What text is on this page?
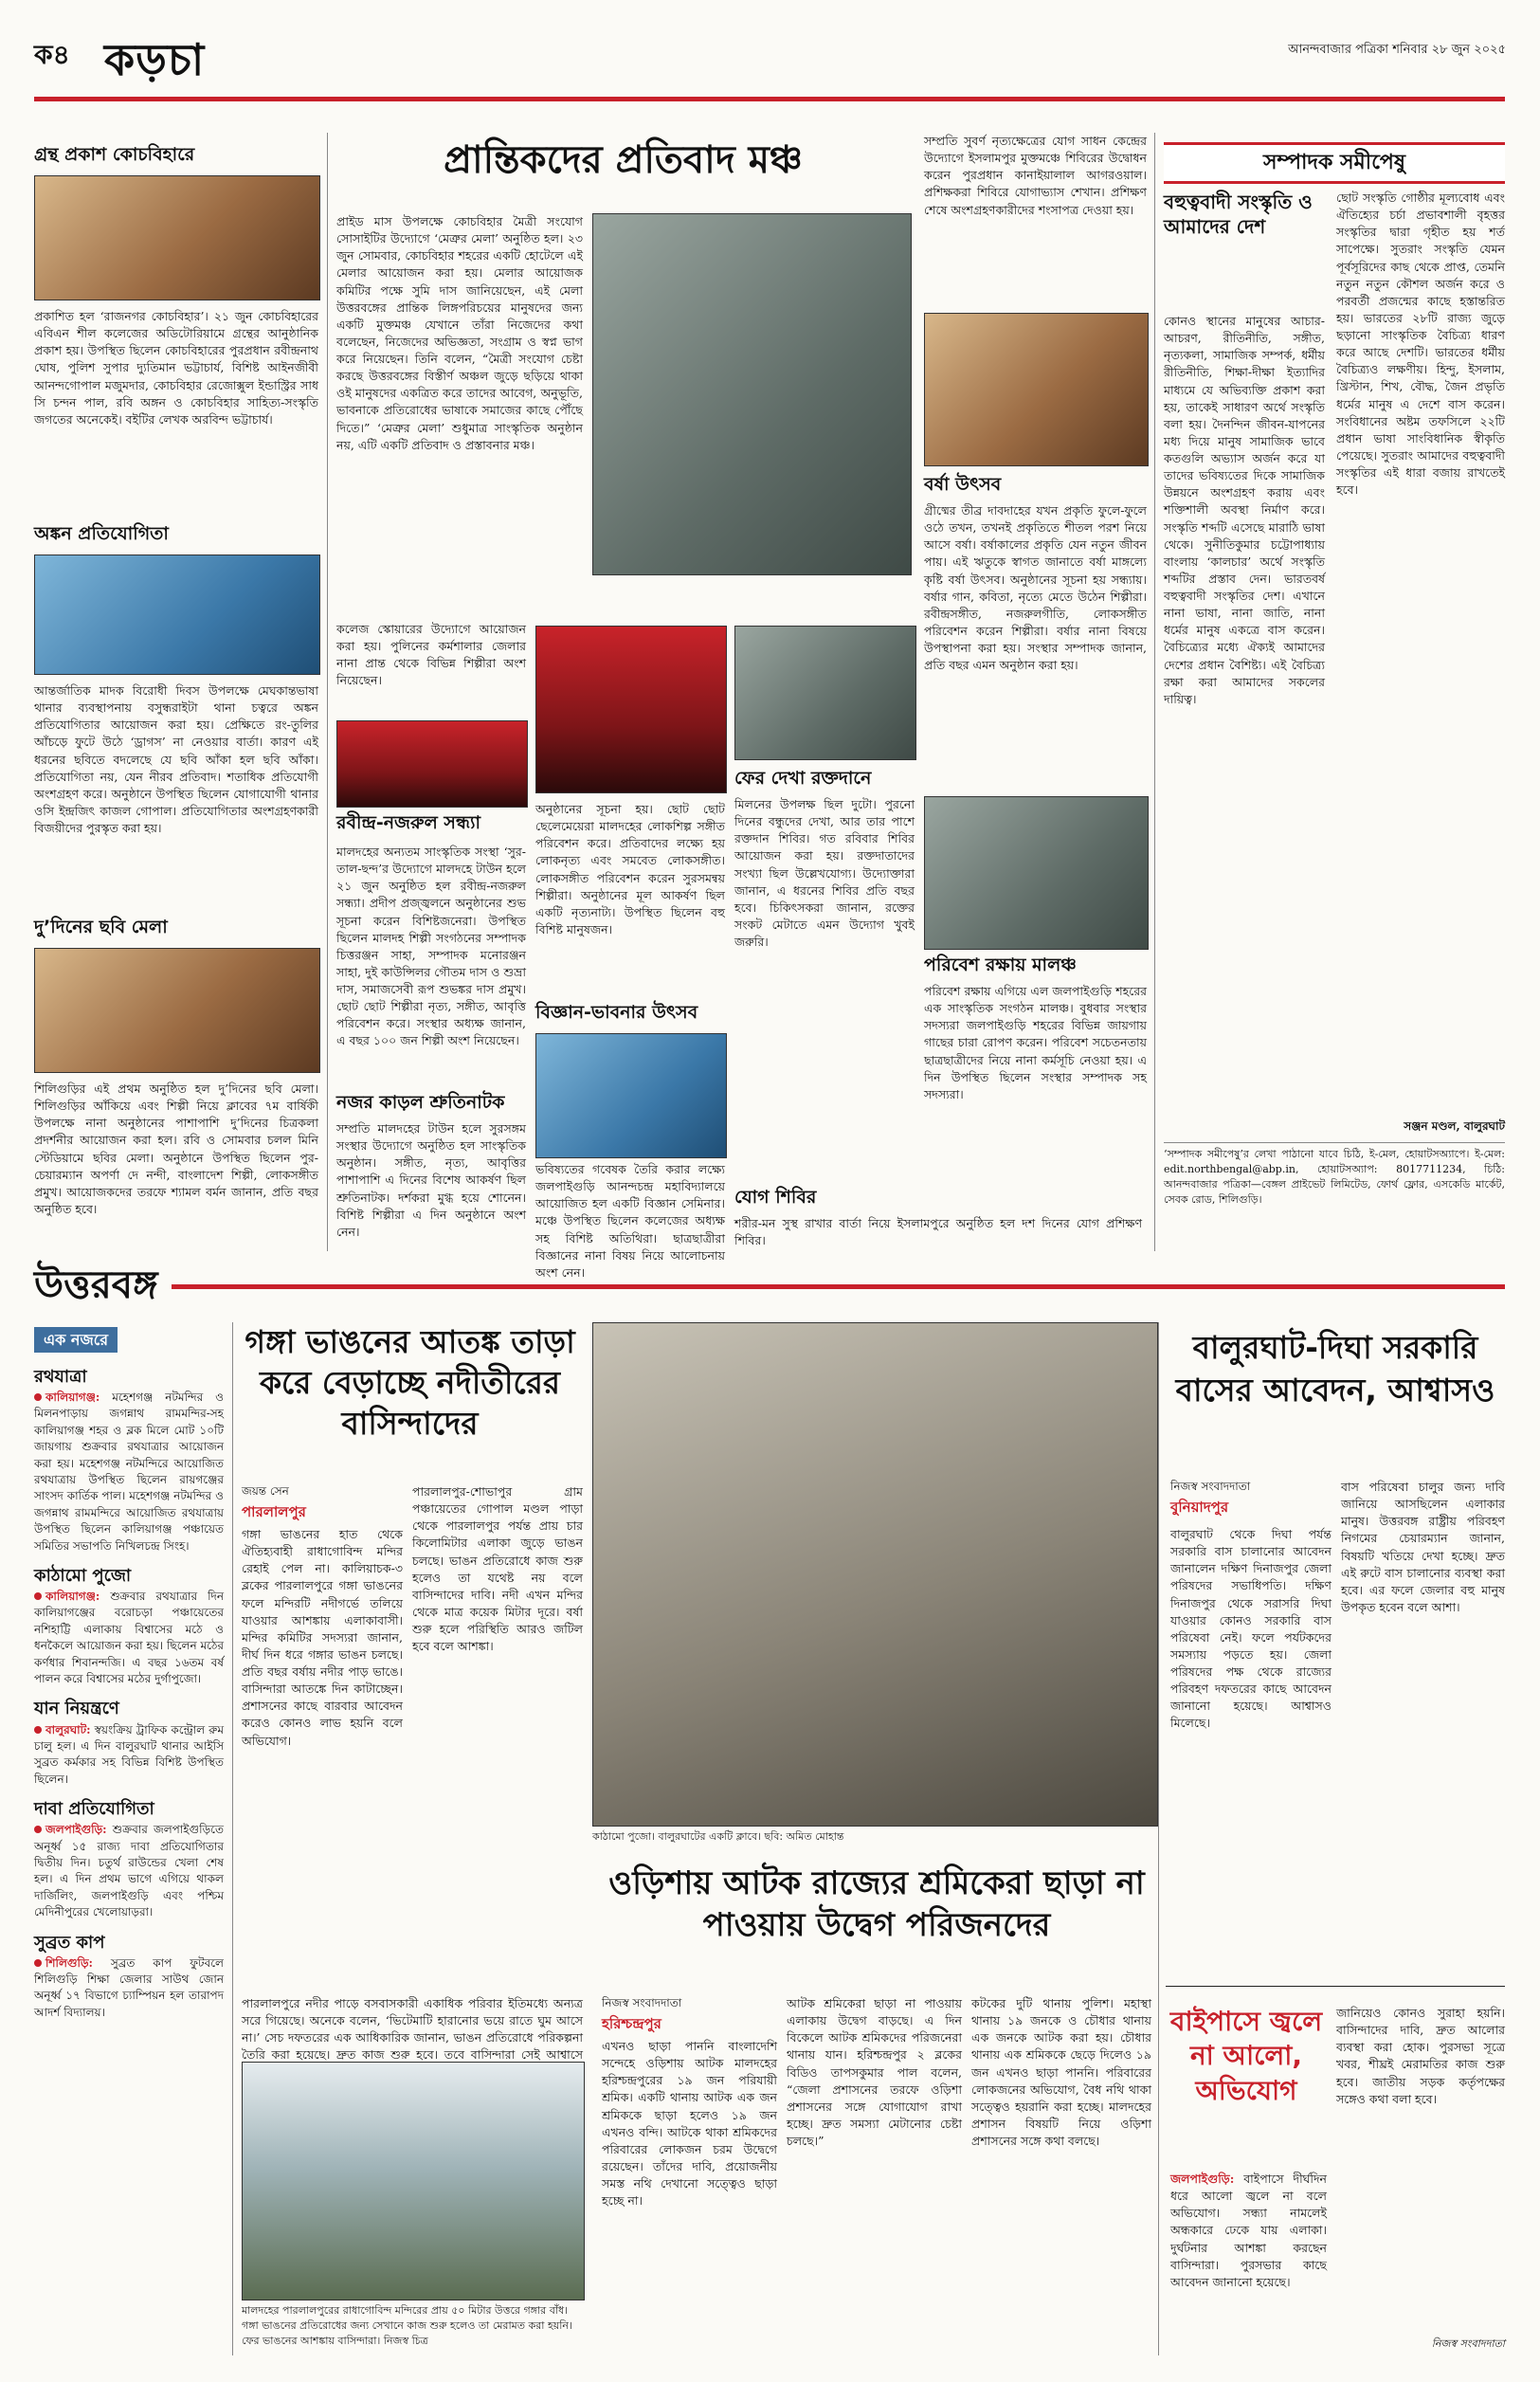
ক৪ কড়চা	আনন্দবাজার পত্রিকা শনিবার ২৮ জুন ২০২৫
গ্রন্থ প্রকাশ কোচবিহারে

প্রকাশিত হল ‘রাজনগর কোচবিহার’। ২১ জুন কোচবিহারের এবিএন শীল কলেজের অডিটোরিয়ামে গ্রন্থের আনুষ্ঠানিক প্রকাশ হয়। উপস্থিত ছিলেন কোচবিহারের পুরপ্রধান রবীন্দ্রনাথ ঘোষ, পুলিশ সুপার দ্যুতিমান ভট্টাচার্য, বিশিষ্ট আইনজীবী আনন্দগোপাল মজুমদার, কোচবিহার রেজোক্সুল ইন্ডাস্ট্রির সাধ সি চন্দন পাল, রবি অঙ্গন ও কোচবিহার সাহিত্য-সংস্কৃতি জগতের অনেকেই। বইটির লেখক অরবিন্দ ভট্টাচার্য।

অঙ্কন প্রতিযোগিতা

আন্তর্জাতিক মাদক বিরোধী দিবস উপলক্ষে মেঘকান্তভাষা থানার ব্যবস্থাপনায় বসুন্ধরাইটা থানা চত্বরে অঙ্কন প্রতিযোগিতার আয়োজন করা হয়। প্রেক্ষিতে রং-তুলির আঁচড়ে ফুটে উঠে ‘ড্রাগস’ না নেওয়ার বার্তা। কারণ এই ধরনের ছবিতে বদলেছে যে ছবি আঁকা হল ছবি আঁকা। প্রতিযোগিতা নয়, যেন নীরব প্রতিবাদ। শতাধিক প্রতিযোগী অংশগ্রহণ করে। অনুষ্ঠানে উপস্থিত ছিলেন যোগাযোগী থানার ওসি ইন্দ্রজিৎ কাজল গোপাল। প্রতিযোগিতার অংশগ্রহণকারী বিজয়ীদের পুরস্কৃত করা হয়।

দু’দিনের ছবি মেলা

শিলিগুড়ির এই প্রথম অনুষ্ঠিত হল দু’দিনের ছবি মেলা। শিলিগুড়ির আঁকিয়ে এবং শিল্পী নিয়ে ক্লাবের ৭ম বার্ষিকী উপলক্ষে নানা অনুষ্ঠানের পাশাপাশি দু’দিনের চিত্রকলা প্রদর্শনীর আয়োজন করা হল। রবি ও সোমবার চলল মিনি স্টেডিয়ামে ছবির মেলা। অনুষ্ঠানে উপস্থিত ছিলেন পুর-চেয়ারম্যান অপর্ণা দে নন্দী, বাংলাদেশ শিল্পী, লোকসঙ্গীত প্রমুখ। আয়োজকদের তরফে শ্যামল বর্মন জানান, প্রতি বছর অনুষ্ঠিত হবে।

প্রান্তিকদের প্রতিবাদ মঞ্চ

প্রাইড মাস উপলক্ষে কোচবিহার মৈত্রী সংযোগ সোসাইটির উদ্যোগে ‘মেত্রুর মেলা’ অনুষ্ঠিত হল। ২৩ জুন সোমবার, কোচবিহার শহরের একটি হোটেলে এই মেলার আয়োজন করা হয়। মেলার আয়োজক কমিটির পক্ষে সুমি দাস জানিয়েছেন, এই মেলা উত্তরবঙ্গের প্রান্তিক লিঙ্গপরিচয়ের মানুষদের জন্য একটি মুক্তমঞ্চ যেখানে তাঁরা নিজেদের কথা বলেছেন, নিজেদের অভিজ্ঞতা, সংগ্রাম ও স্বপ্ন ভাগ করে নিয়েছেন। তিনি বলেন, “মৈত্রী সংযোগ চেষ্টা করছে উত্তরবঙ্গের বিস্তীর্ণ অঞ্চল জুড়ে ছড়িয়ে থাকা ওই মানুষদের একত্রিত করে তাদের আবেগ, অনুভূতি, ভাবনাকে প্রতিরোধের ভাষাকে সমাজের কাছে পৌঁছে দিতে।” ‘মেত্রুর মেলা’ শুধুমাত্র সাংস্কৃতিক অনুষ্ঠান নয়, এটি একটি প্রতিবাদ ও প্রস্তাবনার মঞ্চ।

কলেজ স্কোয়ারের উদ্যোগে আয়োজন করা হয়। পুলিনের কর্মশালার জেলার নানা প্রান্ত থেকে বিভিন্ন শিল্পীরা অংশ নিয়েছেন।

সম্প্রতি সুবর্ণ নৃত্যক্ষেত্রের যোগ সাধন কেন্দ্রের উদ্যোগে ইসলামপুর মুক্তমঞ্চে শিবিরের উদ্বোধন করেন পুরপ্রধান কানাইয়ালাল আগরওয়াল। প্রশিক্ষকরা শিবিরে যোগাভ্যাস শেখান। প্রশিক্ষণ শেষে অংশগ্রহণকারীদের শংসাপত্র দেওয়া হয়।

বর্ষা উৎসব

গ্রীষ্মের তীব্র দাবদাহের যখন প্রকৃতি ফুলে-ফুলে ওঠে তখন, তখনই প্রকৃতিতে শীতল পরশ নিয়ে আসে বর্ষা। বর্ষাকালের প্রকৃতি যেন নতুন জীবন পায়। এই ঋতুকে স্বাগত জানাতে বর্ষা মাঙ্গল্যে কৃষ্টি বর্ষা উৎসব। অনুষ্ঠানের সূচনা হয় সন্ধ্যায়। বর্ষার গান, কবিতা, নৃত্যে মেতে উঠেন শিল্পীরা। রবীন্দ্রসঙ্গীত, নজরুলগীতি, লোকসঙ্গীত পরিবেশন করেন শিল্পীরা। বর্ষার নানা বিষয়ে উপস্থাপনা করা হয়। সংস্থার সম্পাদক জানান, প্রতি বছর এমন অনুষ্ঠান করা হয়।

রবীন্দ্র-নজরুল সন্ধ্যা

মালদহের অন্যতম সাংস্কৃতিক সংস্থা ‘সুর-তাল-ছন্দ’র উদ্যোগে মালদহে টাউন হলে ২১ জুন অনুষ্ঠিত হল রবীন্দ্র-নজরুল সন্ধ্যা। প্রদীপ প্রজ্জ্বলনে অনুষ্ঠানের শুভ সূচনা করেন বিশিষ্টজনেরা। উপস্থিত ছিলেন মালদহ শিল্পী সংগঠনের সম্পাদক চিত্তরঞ্জন সাহা, সম্পাদক মনোরঞ্জন সাহা, দুই কাউন্সিলর গৌতম দাস ও শুভ্রা দাস, সমাজসেবী রূপ শুভঙ্কর দাস প্রমুখ। ছোট ছোট শিল্পীরা নৃত্য, সঙ্গীত, আবৃত্তি পরিবেশন করে। সংস্থার অধ্যক্ষ জানান, এ বছর ১০০ জন শিল্পী অংশ নিয়েছেন।

অনুষ্ঠানের সূচনা হয়। ছোট ছোট ছেলেমেয়েরা মালদহের লোকশিল্প সঙ্গীত পরিবেশন করে। প্রতিবাদের লক্ষ্যে হয় লোকনৃত্য এবং সমবেত লোকসঙ্গীত। লোকসঙ্গীত পরিবেশন করেন সুরসমন্বয় শিল্পীরা। অনুষ্ঠানের মূল আকর্ষণ ছিল একটি নৃত্যনাট্য। উপস্থিত ছিলেন বহু বিশিষ্ট মানুষজন।

ফের দেখা রক্তদানে

মিলনের উপলক্ষ ছিল দুটো। পুরনো দিনের বন্ধুদের দেখা, আর তার পাশে রক্তদান শিবির। গত রবিবার শিবির আয়োজন করা হয়। রক্তদাতাদের সংখ্যা ছিল উল্লেখযোগ্য। উদ্যোক্তারা জানান, এ ধরনের শিবির প্রতি বছর হবে। চিকিৎসকরা জানান, রক্তের সংকট মেটাতে এমন উদ্যোগ খুবই জরুরি।

বিজ্ঞান-ভাবনার উৎসব

ভবিষ্যতের গবেষক তৈরি করার লক্ষ্যে জলপাইগুড়ি আনন্দচন্দ্র মহাবিদ্যালয়ে আয়োজিত হল একটি বিজ্ঞান সেমিনার। মঞ্চে উপস্থিত ছিলেন কলেজের অধ্যক্ষ সহ বিশিষ্ট অতিথিরা। ছাত্রছাত্রীরা বিজ্ঞানের নানা বিষয় নিয়ে আলোচনায় অংশ নেন।

নজর কাড়ল শ্রুতিনাটক

সম্প্রতি মালদহের টাউন হলে সুরসঙ্গম সংস্থার উদ্যোগে অনুষ্ঠিত হল সাংস্কৃতিক অনুষ্ঠান। সঙ্গীত, নৃত্য, আবৃত্তির পাশাপাশি এ দিনের বিশেষ আকর্ষণ ছিল শ্রুতিনাটক। দর্শকরা মুগ্ধ হয়ে শোনেন। বিশিষ্ট শিল্পীরা এ দিন অনুষ্ঠানে অংশ নেন।

পরিবেশ রক্ষায় মালঞ্চ

পরিবেশ রক্ষায় এগিয়ে এল জলপাইগুড়ি শহরের এক সাংস্কৃতিক সংগঠন মালঞ্চ। বুধবার সংস্থার সদস্যরা জলপাইগুড়ি শহরের বিভিন্ন জায়গায় গাছের চারা রোপণ করেন। পরিবেশ সচেতনতায় ছাত্রছাত্রীদের নিয়ে নানা কর্মসূচি নেওয়া হয়। এ দিন উপস্থিত ছিলেন সংস্থার সম্পাদক সহ সদস্যরা।

যোগ শিবির

শরীর-মন সুস্থ রাখার বার্তা নিয়ে ইসলামপুরে অনুষ্ঠিত হল দশ দিনের যোগ প্রশিক্ষণ শিবির।

সম্পাদক সমীপেষু
বহুত্ববাদী সংস্কৃতি ও আমাদের দেশ

কোনও স্থানের মানুষের আচার-আচরণ, রীতিনীতি, সঙ্গীত, নৃত্যকলা, সামাজিক সম্পর্ক, ধর্মীয় রীতিনীতি, শিক্ষা-দীক্ষা ইত্যাদির মাধ্যমে যে অভিব্যক্তি প্রকাশ করা হয়, তাকেই সাধারণ অর্থে সংস্কৃতি বলা হয়। দৈনন্দিন জীবন-যাপনের মধ্য দিয়ে মানুষ সামাজিক ভাবে কতগুলি অভ্যাস অর্জন করে যা তাদের ভবিষ্যতের দিকে সামাজিক উন্নয়নে অংশগ্রহণ করায় এবং শক্তিশালী অবস্থা নির্মাণ করে। সংস্কৃতি শব্দটি এসেছে মারাঠি ভাষা থেকে। সুনীতিকুমার চট্টোপাধ্যায় বাংলায় ‘কালচার’ অর্থে সংস্কৃতি শব্দটির প্রস্তাব দেন। ভারতবর্ষ বহুত্ববাদী সংস্কৃতির দেশ। এখানে নানা ভাষা, নানা জাতি, নানা ধর্মের মানুষ একত্রে বাস করেন। বৈচিত্র্যের মধ্যে ঐক্যই আমাদের দেশের প্রধান বৈশিষ্ট্য। এই বৈচিত্র্য রক্ষা করা আমাদের সকলের দায়িত্ব।

ছোট সংস্কৃতি গোষ্ঠীর মূল্যবোধ এবং ঐতিহ্যের চর্চা প্রভাবশালী বৃহত্তর সংস্কৃতির দ্বারা গৃহীত হয় শর্ত সাপেক্ষে। সুতরাং সংস্কৃতি যেমন পূর্বসূরিদের কাছ থেকে প্রাপ্ত, তেমনি নতুন নতুন কৌশল অর্জন করে ও পরবর্তী প্রজন্মের কাছে হস্তান্তরিত হয়। ভারতের ২৮টি রাজ্য জুড়ে ছড়ানো সাংস্কৃতিক বৈচিত্র্য ধারণ করে আছে দেশটি। ভারতের ধর্মীয় বৈচিত্র্যও লক্ষণীয়। হিন্দু, ইসলাম, খ্রিস্টান, শিখ, বৌদ্ধ, জৈন প্রভৃতি ধর্মের মানুষ এ দেশে বাস করেন। সংবিধানের অষ্টম তফসিলে ২২টি প্রধান ভাষা সাংবিধানিক স্বীকৃতি পেয়েছে। সুতরাং আমাদের বহুত্ববাদী সংস্কৃতির এই ধারা বজায় রাখতেই হবে।

সঞ্জন মণ্ডল, বালুরঘাট

‘সম্পাদক সমীপেষু’র লেখা পাঠানো যাবে চিঠি, ই-মেল, হোয়াটসঅ্যাপে। ই-মেল: edit.northbengal@abp.in, হোয়াটসঅ্যাপ: 8017711234, চিঠি: আনন্দবাজার পত্রিকা—বেঙ্গল প্রাইভেট লিমিটেড, ফোর্থ ফ্লোর, এসকেডি মার্কেট, সেবক রোড, শিলিগুড়ি।

উত্তরবঙ্গ
এক নজরে
রথযাত্রা
কালিয়াগঞ্জ: মহেশগঞ্জ নটমন্দির ও মিলনপাড়ায় জগন্নাথ রামমন্দির-সহ কালিয়াগঞ্জ শহর ও ব্লক মিলে মোট ১০টি জায়গায় শুক্রবার রথযাত্রার আয়োজন করা হয়। মহেশগঞ্জ নটমন্দিরে আয়োজিত রথযাত্রায় উপস্থিত ছিলেন রায়গঞ্জের সাংসদ কার্তিক পাল। মহেশগঞ্জ নটমন্দির ও জগন্নাথ রামমন্দিরে আয়োজিত রথযাত্রায় উপস্থিত ছিলেন কালিয়াগঞ্জ পঞ্চায়েত সমিতির সভাপতি নিখিলচন্দ্র সিংহ।
কাঠামো পুজো
কালিয়াগঞ্জ: শুক্রবার রথযাত্রার দিন কালিয়াগঞ্জের বরোচড়া পঞ্চায়েতের নশিহাট্টি এলাকায় বিশ্বাসের মঠে ও ধনকৈলে আয়োজন করা হয়। ছিলেন মঠের কর্ণধার শিবানন্দজি। এ বছর ১৬তম বর্ষ পালন করে বিশ্বাসের মঠের দুর্গাপুজো।
যান নিয়ন্ত্রণে
বালুরঘাট: স্বয়ংক্রিয় ট্রাফিক কন্ট্রোল রুম চালু হল। এ দিন বালুরঘাট থানার আইসি সুব্রত কর্মকার সহ বিভিন্ন বিশিষ্ট উপস্থিত ছিলেন।
দাবা প্রতিযোগিতা
জলপাইগুড়ি: শুক্রবার জলপাইগুড়িতে অনূর্ধ্ব ১৫ রাজ্য দাবা প্রতিযোগিতার দ্বিতীয় দিন। চতুর্থ রাউন্ডের খেলা শেষ হল। এ দিন প্রথম ভাগে এগিয়ে থাকল দার্জিলিং, জলপাইগুড়ি এবং পশ্চিম মেদিনীপুরের খেলোয়াড়রা।
সুব্রত কাপ
শিলিগুড়ি: সুব্রত কাপ ফুটবলে শিলিগুড়ি শিক্ষা জেলার সাউথ জোন অনূর্ধ্ব ১৭ বিভাগে চ্যাম্পিয়ন হল তারাপদ আদর্শ বিদ্যালয়।
গঙ্গা ভাঙনের আতঙ্ক তাড়া করে বেড়াচ্ছে নদীতীরের বাসিন্দাদের
জয়ন্ত সেন
পারলালপুর

গঙ্গা ভাঙনের হাত থেকে ঐতিহ্যবাহী রাধাগোবিন্দ মন্দির রেহাই পেল না। কালিয়াচক-৩ ব্লকের পারলালপুরে গঙ্গা ভাঙনের ফলে মন্দিরটি নদীগর্ভে তলিয়ে যাওয়ার আশঙ্কায় এলাকাবাসী। মন্দির কমিটির সদস্যরা জানান, দীর্ঘ দিন ধরে গঙ্গার ভাঙন চলছে। প্রতি বছর বর্ষায় নদীর পাড় ভাঙে। বাসিন্দারা আতঙ্কে দিন কাটাচ্ছেন। প্রশাসনের কাছে বারবার আবেদন করেও কোনও লাভ হয়নি বলে অভিযোগ।

পারলালপুর-শোভাপুর গ্রাম পঞ্চায়েতের গোপাল মণ্ডল পাড়া থেকে পারলালপুর পর্যন্ত প্রায় চার কিলোমিটার এলাকা জুড়ে ভাঙন চলছে। ভাঙন প্রতিরোধে কাজ শুরু হলেও তা যথেষ্ট নয় বলে বাসিন্দাদের দাবি। নদী এখন মন্দির থেকে মাত্র কয়েক মিটার দূরে। বর্ষা শুরু হলে পরিস্থিতি আরও জটিল হবে বলে আশঙ্কা।

পারলালপুরে নদীর পাড়ে বসবাসকারী একাধিক পরিবার ইতিমধ্যে অন্যত্র সরে গিয়েছে। অনেকে বলেন, ‘ভিটেমাটি হারানোর ভয়ে রাতে ঘুম আসে না।’ সেচ দফতরের এক আধিকারিক জানান, ভাঙন প্রতিরোধে পরিকল্পনা তৈরি করা হয়েছে। দ্রুত কাজ শুরু হবে। তবে বাসিন্দারা সেই আশ্বাসে

মালদহের পারলালপুরের রাধাগোবিন্দ মন্দিরের প্রায় ৫০ মিটার উত্তরে গঙ্গার বাঁধ। গঙ্গা ভাঙনের প্রতিরোধের জন্য সেখানে কাজ শুরু হলেও তা মেরামত করা হয়নি। ফের ভাঙনের আশঙ্কায় বাসিন্দারা। নিজস্ব চিত্র
কাঠামো পুজো। বালুরঘাটের একটি ক্লাবে। ছবি: অমিত মোহান্ত
ওড়িশায় আটক রাজ্যের শ্রমিকেরা ছাড়া না পাওয়ায় উদ্বেগ পরিজনদের
নিজস্ব সংবাদদাতা
হরিশ্চন্দ্রপুর

এখনও ছাড়া পাননি বাংলাদেশি সন্দেহে ওড়িশায় আটক মালদহের হরিশ্চন্দ্রপুরের ১৯ জন পরিযায়ী শ্রমিক। একটি থানায় আটক এক জন শ্রমিককে ছাড়া হলেও ১৯ জন এখনও বন্দি। আটকে থাকা শ্রমিকদের পরিবারের লোকজন চরম উদ্বেগে রয়েছেন। তাঁদের দাবি, প্রয়োজনীয় সমস্ত নথি দেখানো সত্ত্বেও ছাড়া হচ্ছে না।

আটক শ্রমিকেরা ছাড়া না পাওয়ায় এলাকায় উদ্বেগ বাড়ছে। এ দিন বিকেলে আটক শ্রমিকদের পরিজনেরা থানায় যান। হরিশ্চন্দ্রপুর ২ ব্লকের বিডিও তাপসকুমার পাল বলেন, “জেলা প্রশাসনের তরফে ওড়িশা প্রশাসনের সঙ্গে যোগাযোগ রাখা হচ্ছে। দ্রুত সমস্যা মেটানোর চেষ্টা চলছে।”

কটকের দুটি থানায় পুলিশ। মহাস্থা থানায় ১৯ জনকে ও চৌধার থানায় এক জনকে আটক করা হয়। চৌধার থানায় এক শ্রমিককে ছেড়ে দিলেও ১৯ জন এখনও ছাড়া পাননি। পরিবারের লোকজনের অভিযোগ, বৈধ নথি থাকা সত্ত্বেও হয়রানি করা হচ্ছে। মালদহের প্রশাসন বিষয়টি নিয়ে ওড়িশা প্রশাসনের সঙ্গে কথা বলছে।

বালুরঘাট-দিঘা সরকারি বাসের আবেদন, আশ্বাসও
নিজস্ব সংবাদদাতা
বুনিয়াদপুর

বালুরঘাট থেকে দিঘা পর্যন্ত সরকারি বাস চালানোর আবেদন জানালেন দক্ষিণ দিনাজপুর জেলা পরিষদের সভাধিপতি। দক্ষিণ দিনাজপুর থেকে সরাসরি দিঘা যাওয়ার কোনও সরকারি বাস পরিষেবা নেই। ফলে পর্যটকদের সমস্যায় পড়তে হয়। জেলা পরিষদের পক্ষ থেকে রাজ্যের পরিবহণ দফতরের কাছে আবেদন জানানো হয়েছে। আশ্বাসও মিলেছে।

বাস পরিষেবা চালুর জন্য দাবি জানিয়ে আসছিলেন এলাকার মানুষ। উত্তরবঙ্গ রাষ্ট্রীয় পরিবহণ নিগমের চেয়ারম্যান জানান, বিষয়টি খতিয়ে দেখা হচ্ছে। দ্রুত এই রুটে বাস চালানোর ব্যবস্থা করা হবে। এর ফলে জেলার বহু মানুষ উপকৃত হবেন বলে আশা।

বাইপাসে জ্বলে না আলো, অভিযোগ

জলপাইগুড়ি: বাইপাসে দীর্ঘদিন ধরে আলো জ্বলে না বলে অভিযোগ। সন্ধ্যা নামলেই অন্ধকারে ঢেকে যায় এলাকা। দুর্ঘটনার আশঙ্কা করছেন বাসিন্দারা। পুরসভার কাছে আবেদন জানানো হয়েছে।

জানিয়েও কোনও সুরাহা হয়নি। বাসিন্দাদের দাবি, দ্রুত আলোর ব্যবস্থা করা হোক। পুরসভা সূত্রে খবর, শীঘ্রই মেরামতির কাজ শুরু হবে। জাতীয় সড়ক কর্তৃপক্ষের সঙ্গেও কথা বলা হবে।

নিজস্ব সংবাদদাতা
